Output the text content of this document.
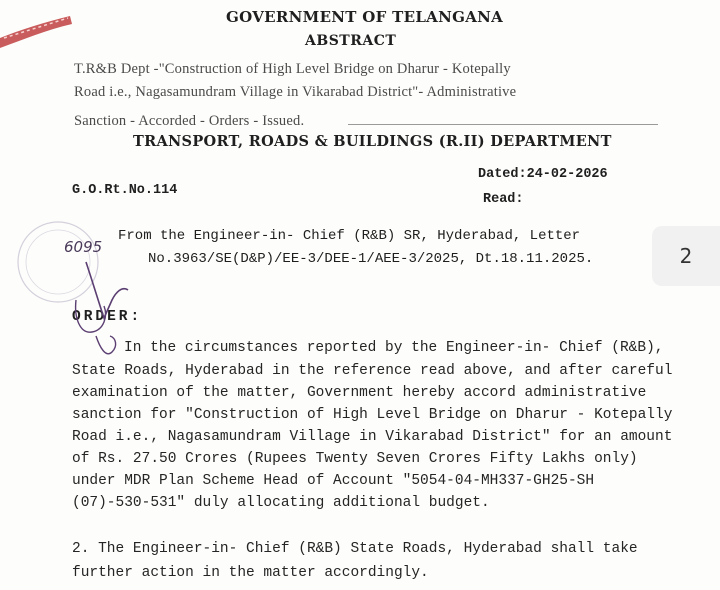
GOVERNMENT OF TELANGANA
ABSTRACT
T.R&B Dept -"Construction of High Level Bridge on Dharur - Kotepally
Road i.e., Nagasamundram Village in Vikarabad District"- Administrative
Sanction - Accorded - Orders - Issued.
TRANSPORT, ROADS & BUILDINGS (R.II) DEPARTMENT
Dated:24-02-2026
G.O.Rt.No.114
Read:
6095
From the Engineer-in- Chief (R&B) SR, Hyderabad, Letter
No.3963/SE(D&P)/EE-3/DEE-1/AEE-3/2025, Dt.18.11.2025.
ORDER:
In the circumstances reported by the Engineer-in- Chief (R&B),
State Roads, Hyderabad in the reference read above, and after careful
examination of the matter, Government hereby accord administrative
sanction for "Construction of High Level Bridge on Dharur - Kotepally
Road i.e., Nagasamundram Village in Vikarabad District" for an amount
of Rs. 27.50 Crores (Rupees Twenty Seven Crores Fifty Lakhs only)
under MDR Plan Scheme Head of Account "5054-04-MH337-GH25-SH
(07)-530-531" duly allocating additional budget.
2. The Engineer-in- Chief (R&B) State Roads, Hyderabad shall take
further action in the matter accordingly.
2
